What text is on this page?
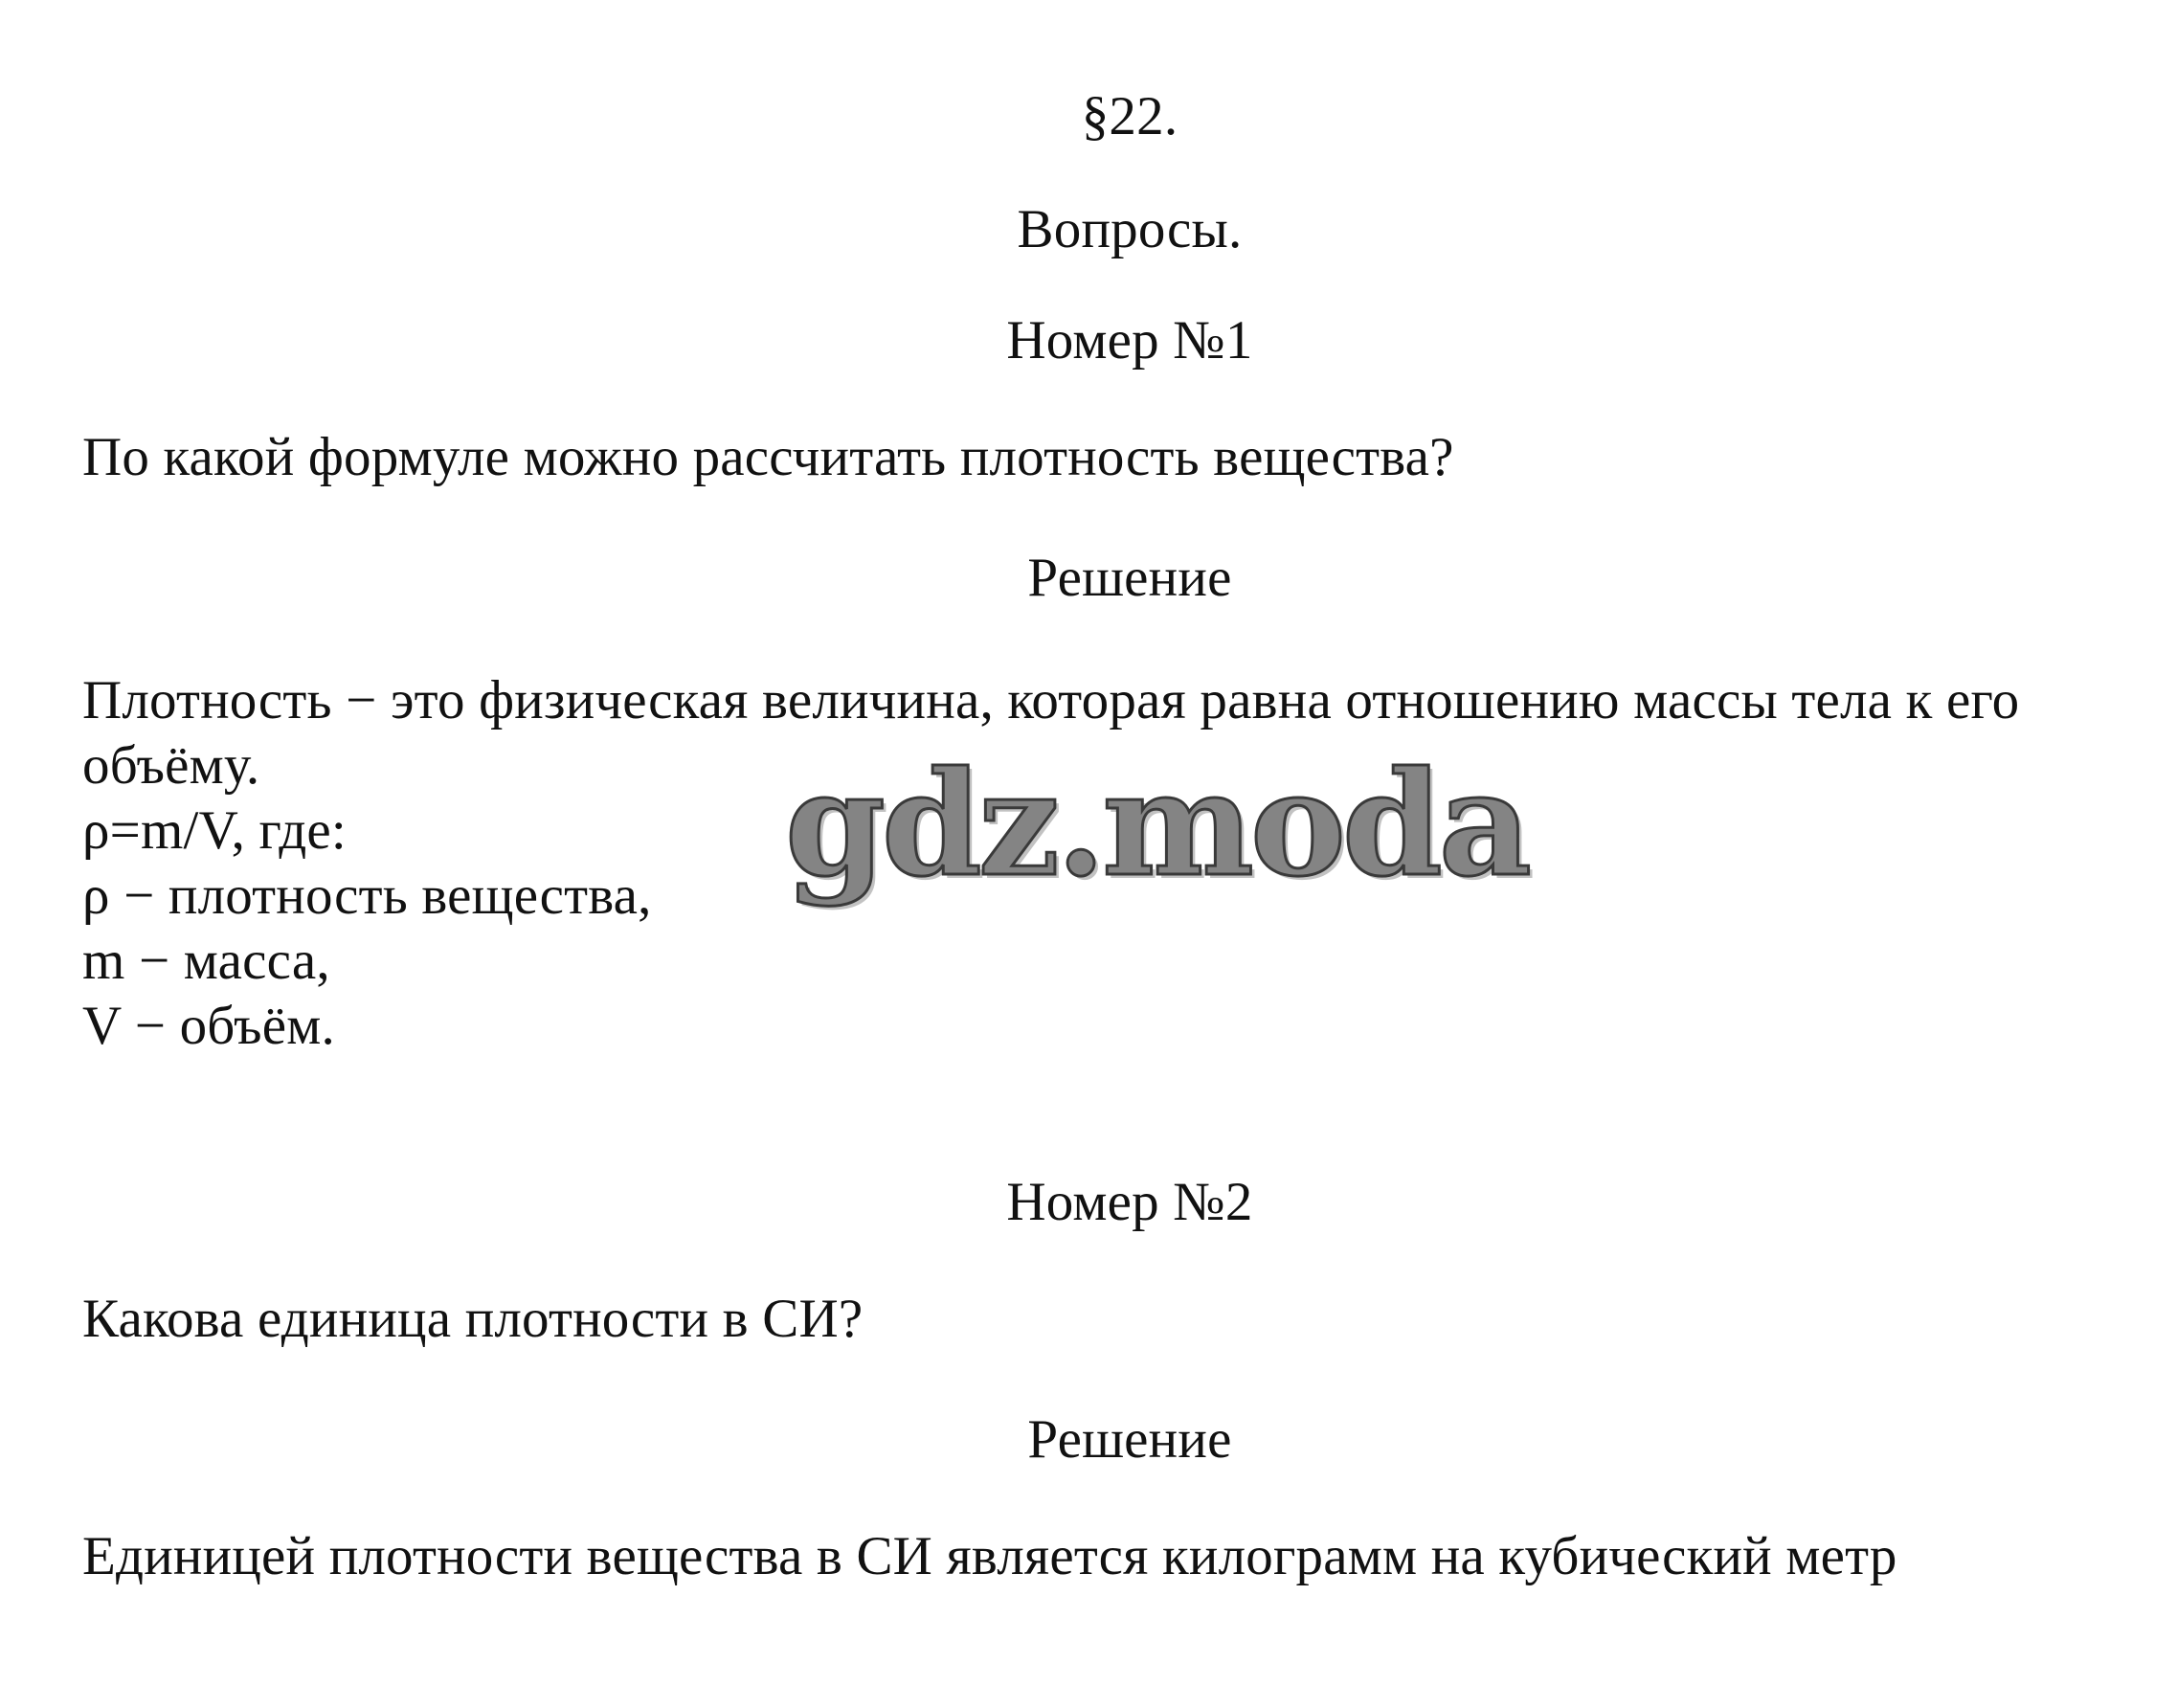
§22.
Вопросы.
Номер №1
По какой формуле можно рассчитать плотность вещества?
Решение
Плотность − это физическая величина, которая равна отношению массы тела к его
объёму.
ρ=m/V, где:
ρ − плотность вещества,
m − масса,
V − объём.
Номер №2
Какова единица плотности в СИ?
Решение
Единицей плотности вещества в СИ является килограмм на кубический метр
gdz.moda
